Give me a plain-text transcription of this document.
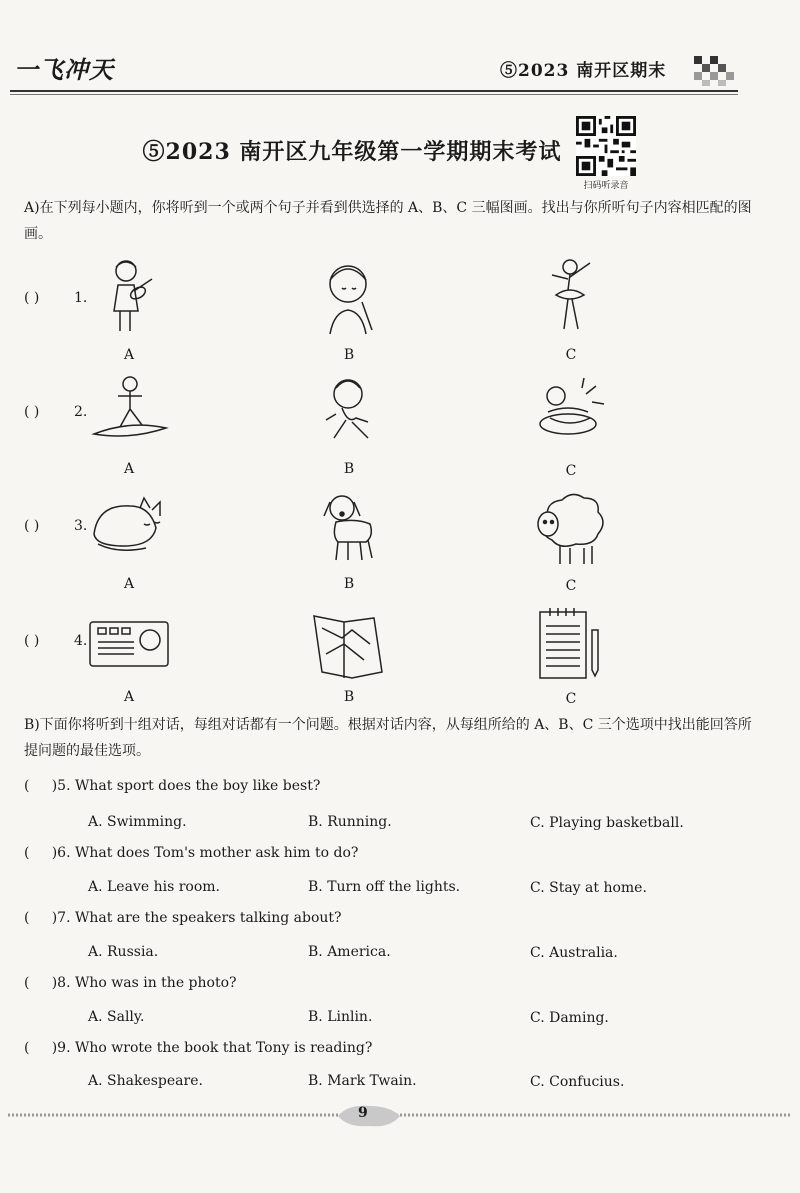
一飞冲天	⑤2023 南开区期末
⑤2023 南开区九年级第一学期期末考试
扫码听录音
A)在下列每小题内，你将听到一个或两个句子并看到供选择的 A、B、C 三幅图画。找出与你所听句子内容相匹配的图画。
( ) 1.
A	B	C
( ) 2.
A	B	C
( ) 3.
A	B	C
( ) 4.
A	B	C
B)下面你将听到十组对话，每组对话都有一个问题。根据对话内容，从每组所给的 A、B、C 三个选项中找出能回答所提问题的最佳选项。
(     )5. What sport does the boy like best?
A. Swimming.	B. Running.	C. Playing basketball.
(     )6. What does Tom's mother ask him to do?
A. Leave his room.	B. Turn off the lights.	C. Stay at home.
(     )7. What are the speakers talking about?
A. Russia.	B. America.	C. Australia.
(     )8. Who was in the photo?
A. Sally.	B. Linlin.	C. Daming.
(     )9. Who wrote the book that Tony is reading?
A. Shakespeare.	B. Mark Twain.	C. Confucius.
9
